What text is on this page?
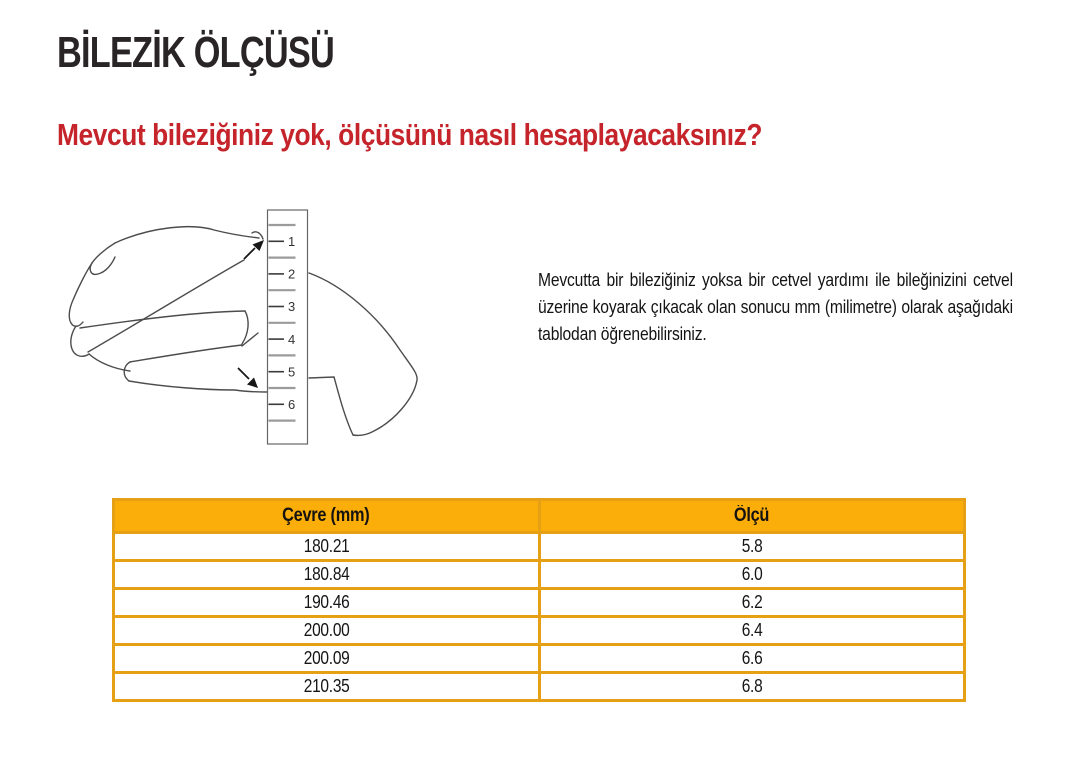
BİLEZİK ÖLÇÜSÜ
Mevcut bileziğiniz yok, ölçüsünü nasıl hesaplayacaksınız?
1
2
3
4
5
6

Mevcutta bir bileziğiniz yoksa bir cetvel yardımı ile bileğinizini cetvel üzerine koyarak çıkacak olan sonucu mm (milimetre) olarak aşağıdaki tablodan öğrenebilirsiniz.

Çevre (mm)	Ölçü
180.21	5.8
180.84	6.0
190.46	6.2
200.00	6.4
200.09	6.6
210.35	6.8
